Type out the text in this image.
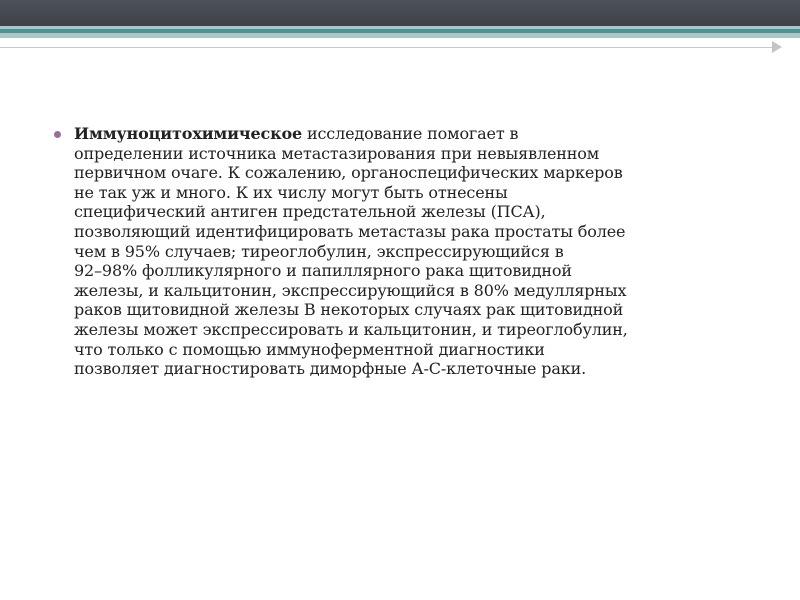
Иммуноцитохимическое исследование помогает в
определении источника метастазирования при невыявленном
первичном очаге. К сожалению, органоспецифических маркеров
не так уж и много. К их числу могут быть отнесены
специфический антиген предстательной железы (ПСА),
позволяющий идентифицировать метастазы рака простаты более
чем в 95% случаев; тиреоглобулин, экспрессирующийся в
92–98% фолликулярного и папиллярного рака щитовидной
железы, и кальцитонин, экспрессирующийся в 80% медуллярных
раков щитовидной железы В некоторых случаях рак щитовидной
железы может экспрессировать и кальцитонин, и тиреоглобулин,
что только с помощью иммуноферментной диагностики
позволяет диагностировать диморфные А-С-клеточные раки.
